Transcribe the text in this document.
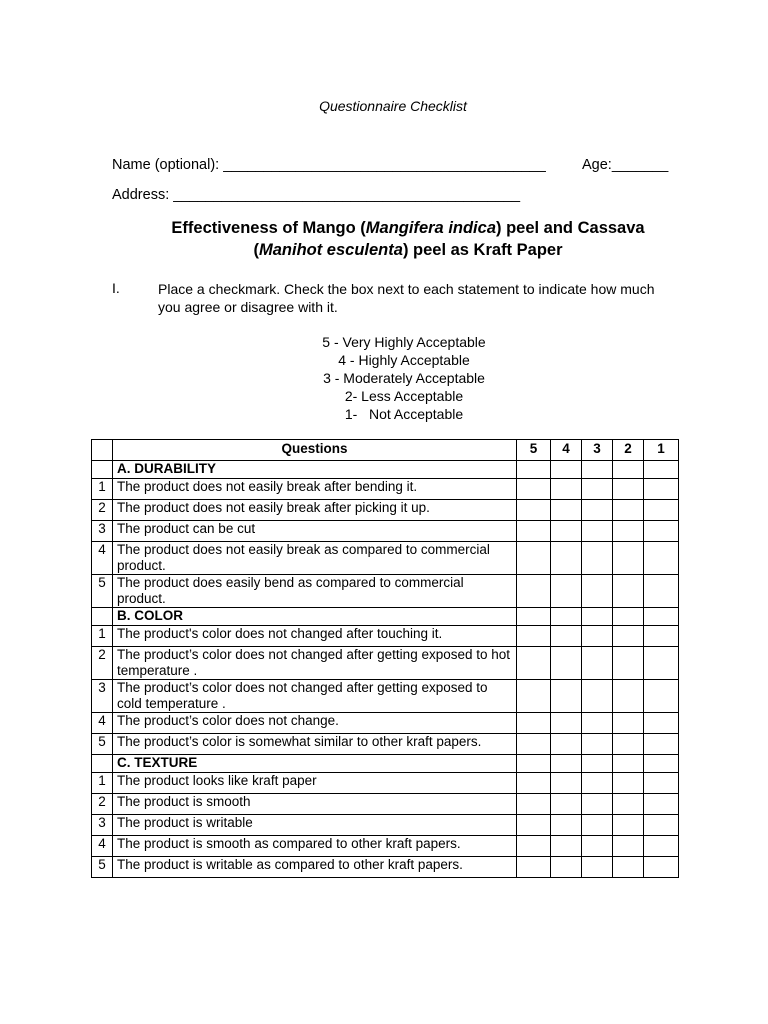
Questionnaire Checklist
Name (optional): ________________________________________ Age:_______
Address: ___________________________________________
Effectiveness of Mango (Mangifera indica) peel and Cassava
(Manihot esculenta) peel as Kraft Paper
I.	Place a checkmark. Check the box next to each statement to indicate how much you agree or disagree with it.
5 - Very Highly Acceptable
4 - Highly Acceptable
3 - Moderately Acceptable
2- Less Acceptable
1-   Not Acceptable
	Questions	5	4	3	2	1
	A. DURABILITY					
1	The product does not easily break after bending it.					
2	The product does not easily break after picking it up.					
3	The product can be cut					
4	The product does not easily break as compared to commercial product.					
5	The product does easily bend as compared to commercial product.					
	B. COLOR					
1	The product's color does not changed after touching it.					
2	The product’s color does not changed after getting exposed to hot temperature .					
3	The product’s color does not changed after getting exposed to cold temperature .					
4	The product’s color does not change.					
5	The product’s color is somewhat similar to other kraft papers.					
	C. TEXTURE					
1	The product looks like kraft paper					
2	The product is smooth					
3	The product is writable					
4	The product is smooth as compared to other kraft papers.					
5	The product is writable as compared to other kraft papers.					
